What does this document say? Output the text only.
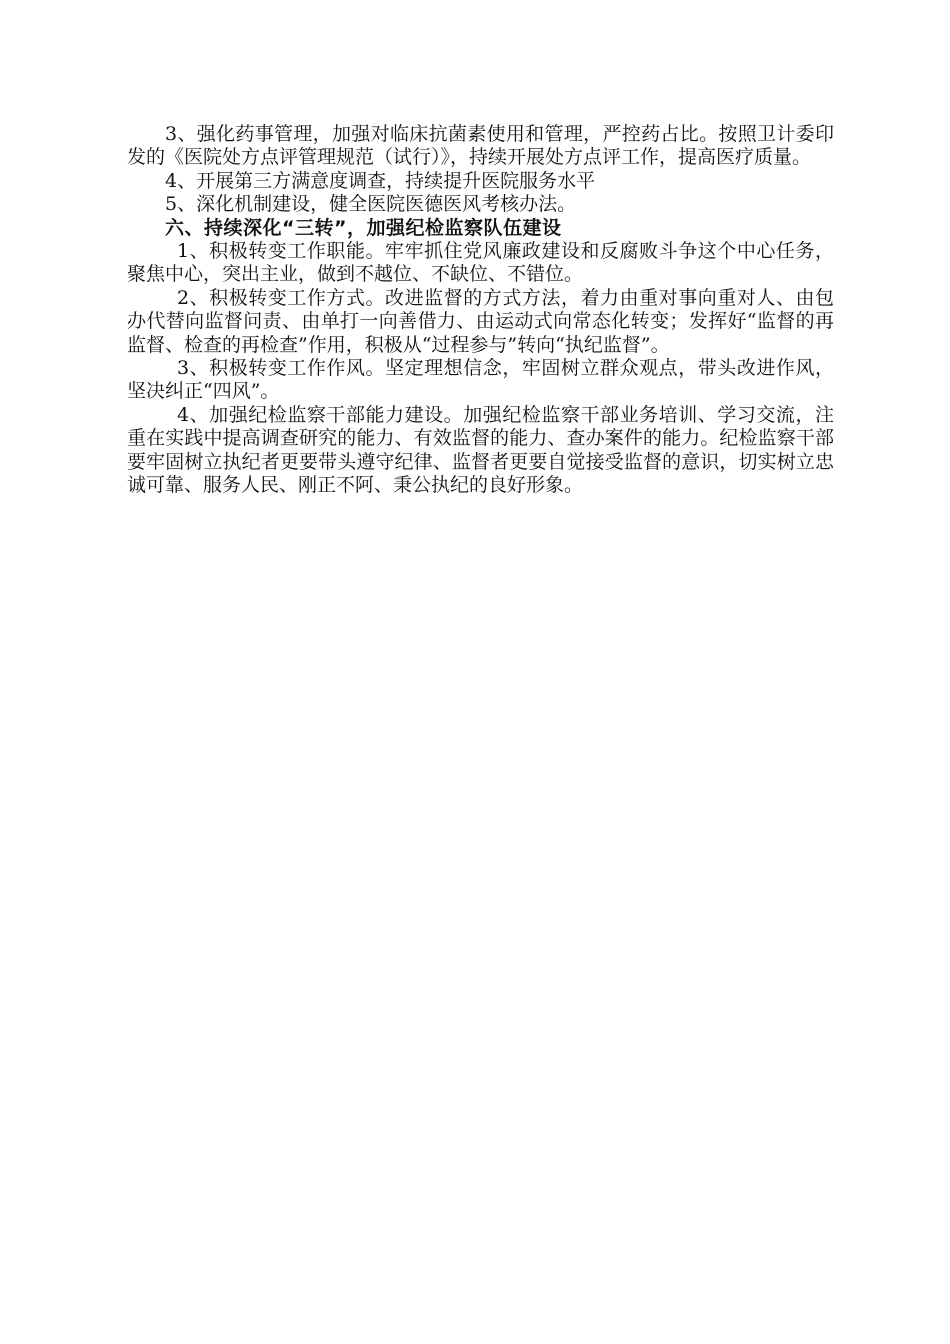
3、强化药事管理，加强对临床抗菌素使用和管理，严控药占比。按照卫计委印发的《医院处方点评管理规范（试行）》，持续开展处方点评工作，提高医疗质量。

4、开展第三方满意度调查，持续提升医院服务水平

5、深化机制建设，健全医院医德医风考核办法。

六、持续深化“三转”，加强纪检监察队伍建设

1、积极转变工作职能。牢牢抓住党风廉政建设和反腐败斗争这个中心任务，聚焦中心，突出主业，做到不越位、不缺位、不错位。

2、积极转变工作方式。改进监督的方式方法，着力由重对事向重对人、由包办代替向监督问责、由单打一向善借力、由运动式向常态化转变；发挥好“监督的再监督、检查的再检查”作用，积极从“过程参与”转向“执纪监督”。

3、积极转变工作作风。坚定理想信念，牢固树立群众观点，带头改进作风，坚决纠正“四风”。

4、加强纪检监察干部能力建设。加强纪检监察干部业务培训、学习交流，注重在实践中提高调查研究的能力、有效监督的能力、查办案件的能力。纪检监察干部要牢固树立执纪者更要带头遵守纪律、监督者更要自觉接受监督的意识，切实树立忠诚可靠、服务人民、刚正不阿、秉公执纪的良好形象。
